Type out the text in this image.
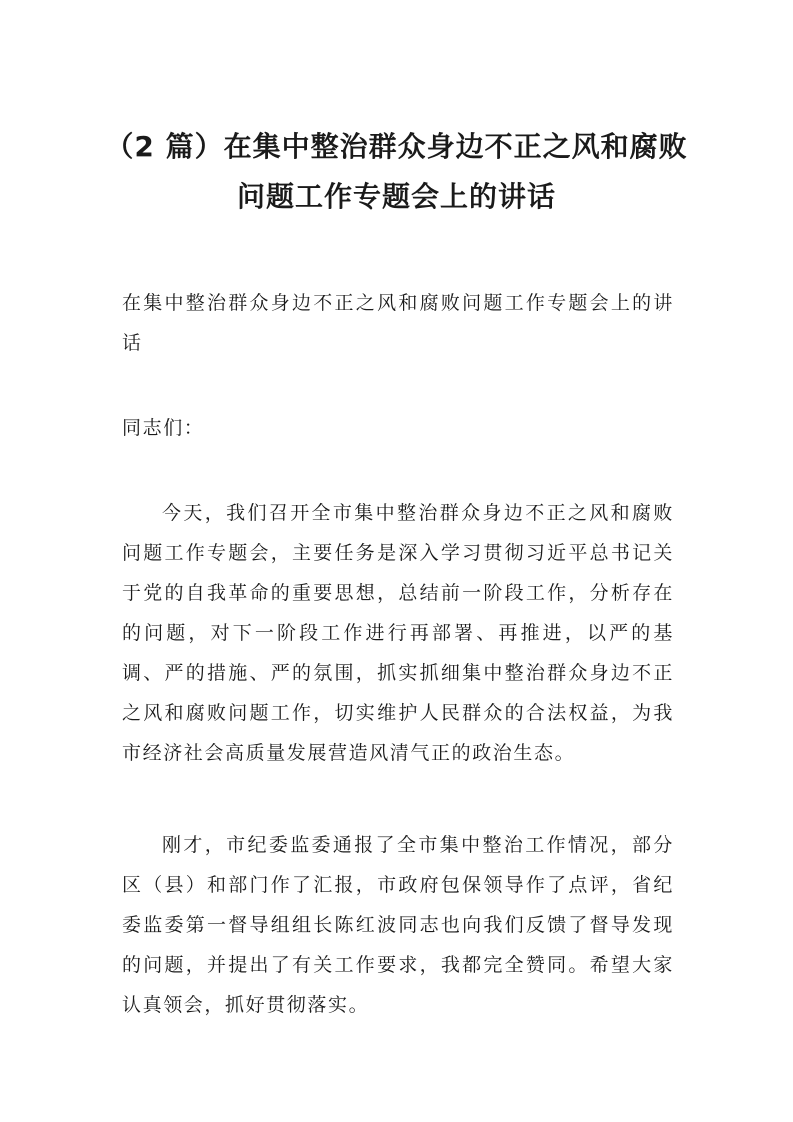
（2 篇）在集中整治群众身边不正之风和腐败问题工作专题会上的讲话

在集中整治群众身边不正之风和腐败问题工作专题会上的讲话

同志们：

今天，我们召开全市集中整治群众身边不正之风和腐败问题工作专题会，主要任务是深入学习贯彻习近平总书记关于党的自我革命的重要思想，总结前一阶段工作，分析存在的问题，对下一阶段工作进行再部署、再推进，以严的基调、严的措施、严的氛围，抓实抓细集中整治群众身边不正之风和腐败问题工作，切实维护人民群众的合法权益，为我市经济社会高质量发展营造风清气正的政治生态。

刚才，市纪委监委通报了全市集中整治工作情况，部分区（县）和部门作了汇报，市政府包保领导作了点评，省纪委监委第一督导组组长陈红波同志也向我们反馈了督导发现的问题，并提出了有关工作要求，我都完全赞同。希望大家认真领会，抓好贯彻落实。
